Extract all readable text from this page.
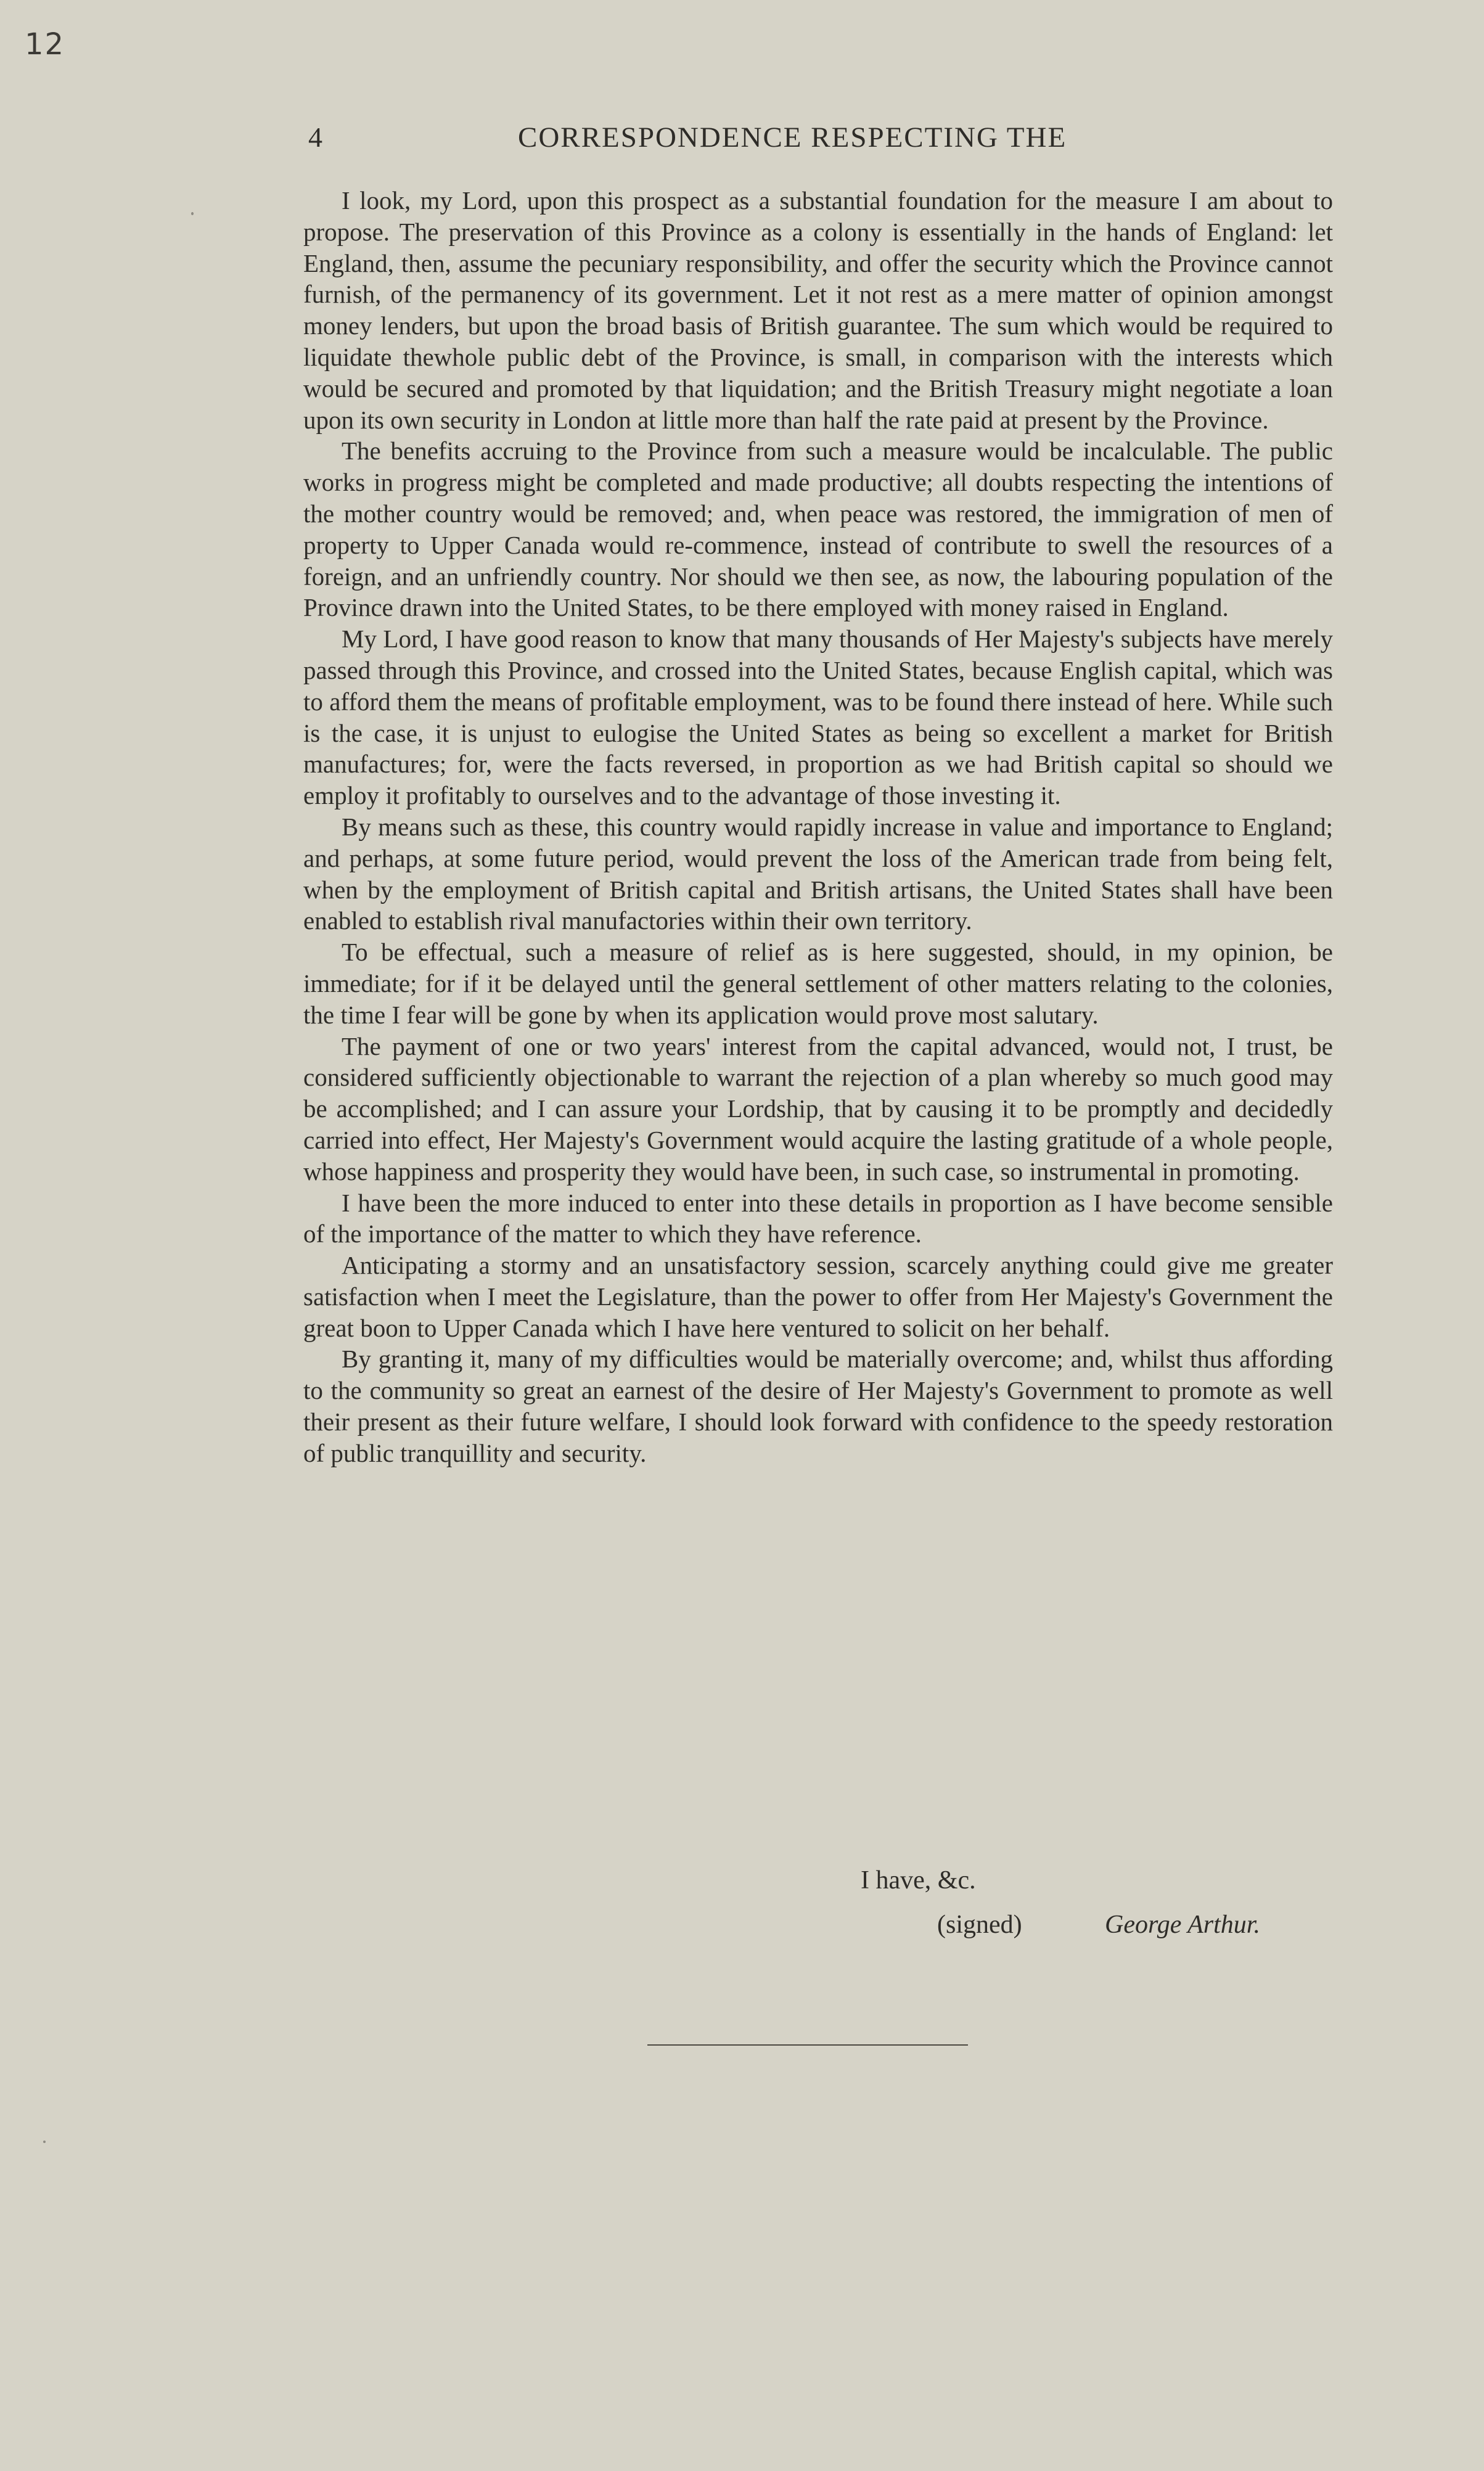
12
4	CORRESPONDENCE RESPECTING THE

I look, my Lord, upon this prospect as a substantial foundation for the measure I am about to propose. The preservation of this Province as a colony is essentially in the hands of England: let England, then, assume the pecuniary responsibility, and offer the security which the Province cannot furnish, of the permanency of its government. Let it not rest as a mere matter of opinion amongst money lenders, but upon the broad basis of British guarantee. The sum which would be required to liquidate thewhole public debt of the Province, is small, in comparison with the interests which would be secured and promoted by that liquidation; and the British Treasury might negotiate a loan upon its own security in London at little more than half the rate paid at present by the Province.

The benefits accruing to the Province from such a measure would be incalculable. The public works in progress might be completed and made productive; all doubts respecting the intentions of the mother country would be removed; and, when peace was restored, the immigration of men of property to Upper Canada would re-commence, instead of contribute to swell the resources of a foreign, and an unfriendly country. Nor should we then see, as now, the labouring population of the Province drawn into the United States, to be there employed with money raised in England.

My Lord, I have good reason to know that many thousands of Her Majesty's subjects have merely passed through this Province, and crossed into the United States, because English capital, which was to afford them the means of profitable employment, was to be found there instead of here. While such is the case, it is unjust to eulogise the United States as being so excellent a market for British manufactures; for, were the facts reversed, in proportion as we had British capital so should we employ it profitably to ourselves and to the advantage of those investing it.

By means such as these, this country would rapidly increase in value and importance to England; and perhaps, at some future period, would prevent the loss of the American trade from being felt, when by the employment of British capital and British artisans, the United States shall have been enabled to establish rival manufactories within their own territory.

To be effectual, such a measure of relief as is here suggested, should, in my opinion, be immediate; for if it be delayed until the general settlement of other matters relating to the colonies, the time I fear will be gone by when its application would prove most salutary.

The payment of one or two years' interest from the capital advanced, would not, I trust, be considered sufficiently objectionable to warrant the rejection of a plan whereby so much good may be accomplished; and I can assure your Lordship, that by causing it to be promptly and decidedly carried into effect, Her Majesty's Government would acquire the lasting gratitude of a whole people, whose happiness and prosperity they would have been, in such case, so instrumental in promoting.

I have been the more induced to enter into these details in proportion as I have become sensible of the importance of the matter to which they have reference.

Anticipating a stormy and an unsatisfactory session, scarcely anything could give me greater satisfaction when I meet the Legislature, than the power to offer from Her Majesty's Government the great boon to Upper Canada which I have here ventured to solicit on her behalf.

By granting it, many of my difficulties would be materially overcome; and, whilst thus affording to the community so great an earnest of the desire of Her Majesty's Government to promote as well their present as their future welfare, I should look forward with confidence to the speedy restoration of public tranquillity and security.

I have, &c.
(signed)	George Arthur.
